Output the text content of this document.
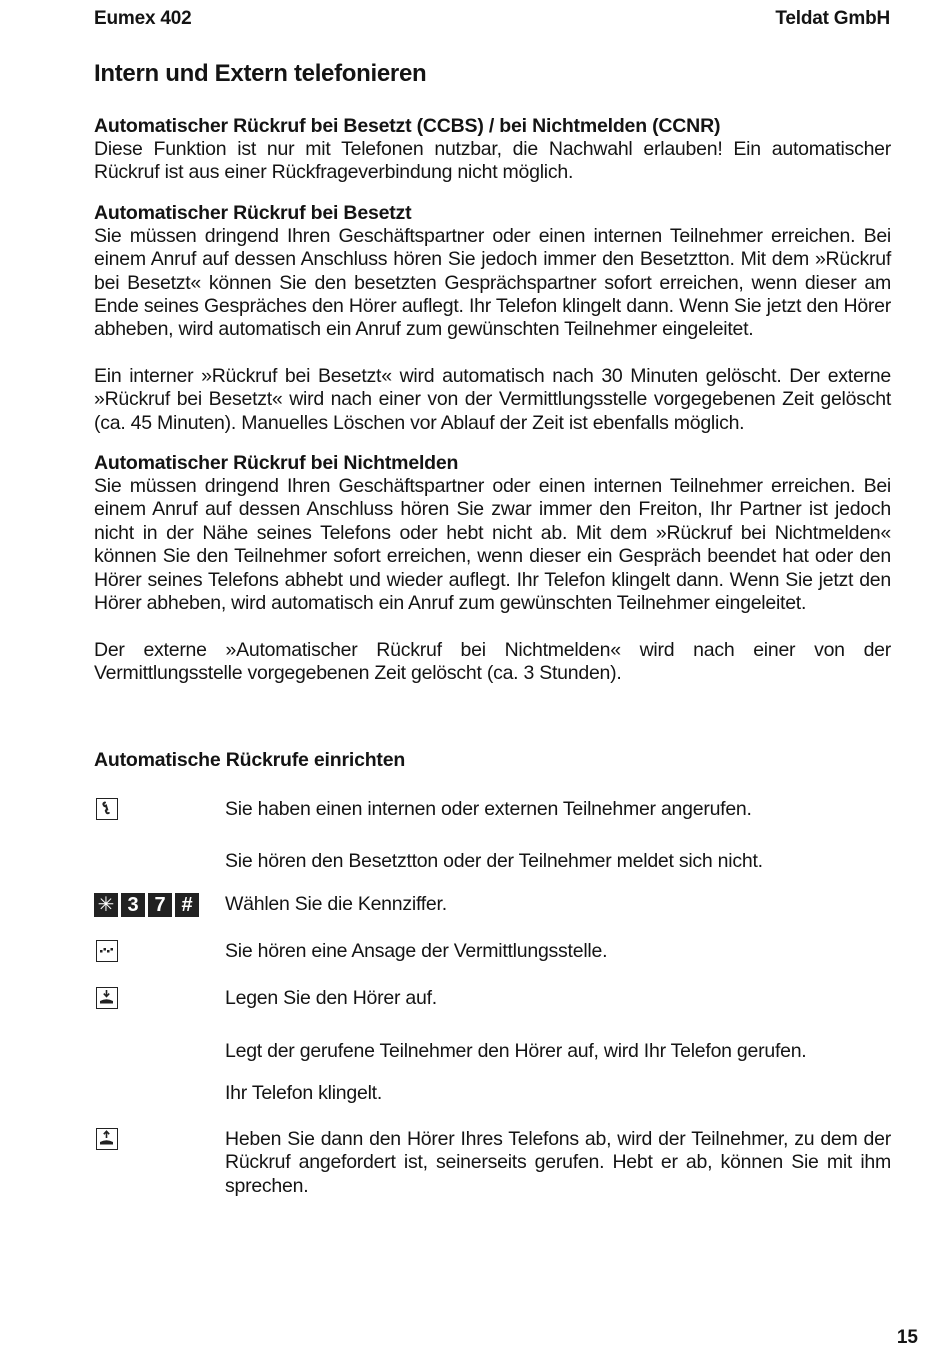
Eumex 402	Teldat GmbH
Intern und Extern telefonieren
Automatischer Rückruf bei Besetzt (CCBS) / bei Nichtmelden (CCNR)

Diese Funktion ist nur mit Telefonen nutzbar, die Nachwahl erlauben! Ein automatischer Rückruf ist aus einer Rückfrageverbindung nicht möglich.

Automatischer Rückruf bei Besetzt

Sie müssen dringend Ihren Geschäftspartner oder einen internen Teilnehmer erreichen. Bei einem Anruf auf dessen Anschluss hören Sie jedoch immer den Besetztton. Mit dem »Rückruf bei Besetzt« können Sie den besetzten Gesprächspartner sofort erreichen, wenn dieser am Ende seines Gespräches den Hörer auflegt. Ihr Telefon klingelt dann. Wenn Sie jetzt den Hörer abheben, wird automatisch ein Anruf zum gewünschten Teilnehmer eingeleitet.

Ein interner »Rückruf bei Besetzt« wird automatisch nach 30 Minuten gelöscht. Der externe »Rückruf bei Besetzt« wird nach einer von der Vermittlungsstelle vorgegebenen Zeit gelöscht (ca. 45 Minuten). Manuelles Löschen vor Ablauf der Zeit ist ebenfalls möglich.

Automatischer Rückruf bei Nichtmelden

Sie müssen dringend Ihren Geschäftspartner oder einen internen Teilnehmer erreichen. Bei einem Anruf auf dessen Anschluss hören Sie zwar immer den Freiton, Ihr Partner ist jedoch nicht in der Nähe seines Telefons oder hebt nicht ab. Mit dem »Rückruf bei Nichtmelden« können Sie den Teilnehmer sofort erreichen, wenn dieser ein Gespräch beendet hat oder den Hörer seines Telefons abhebt und wieder auflegt. Ihr Telefon klingelt dann. Wenn Sie jetzt den Hörer abheben, wird automatisch ein Anruf zum gewünschten Teilnehmer eingeleitet.

Der externe »Automatischer Rückruf bei Nichtmelden« wird nach einer von der Vermittlungsstelle vorgegebenen Zeit gelöscht (ca. 3 Stunden).

Automatische Rückrufe einrichten
Sie haben einen internen oder externen Teilnehmer angerufen.
Sie hören den Besetztton oder der Teilnehmer meldet sich nicht.
✳ 3 7 #	Wählen Sie die Kennziffer.
Sie hören eine Ansage der Vermittlungsstelle.
Legen Sie den Hörer auf.
Legt der gerufene Teilnehmer den Hörer auf, wird Ihr Telefon gerufen.
Ihr Telefon klingelt.
Heben Sie dann den Hörer Ihres Telefons ab, wird der Teilnehmer, zu dem der Rückruf angefordert ist, seinerseits gerufen. Hebt er ab, können Sie mit ihm sprechen.
15
